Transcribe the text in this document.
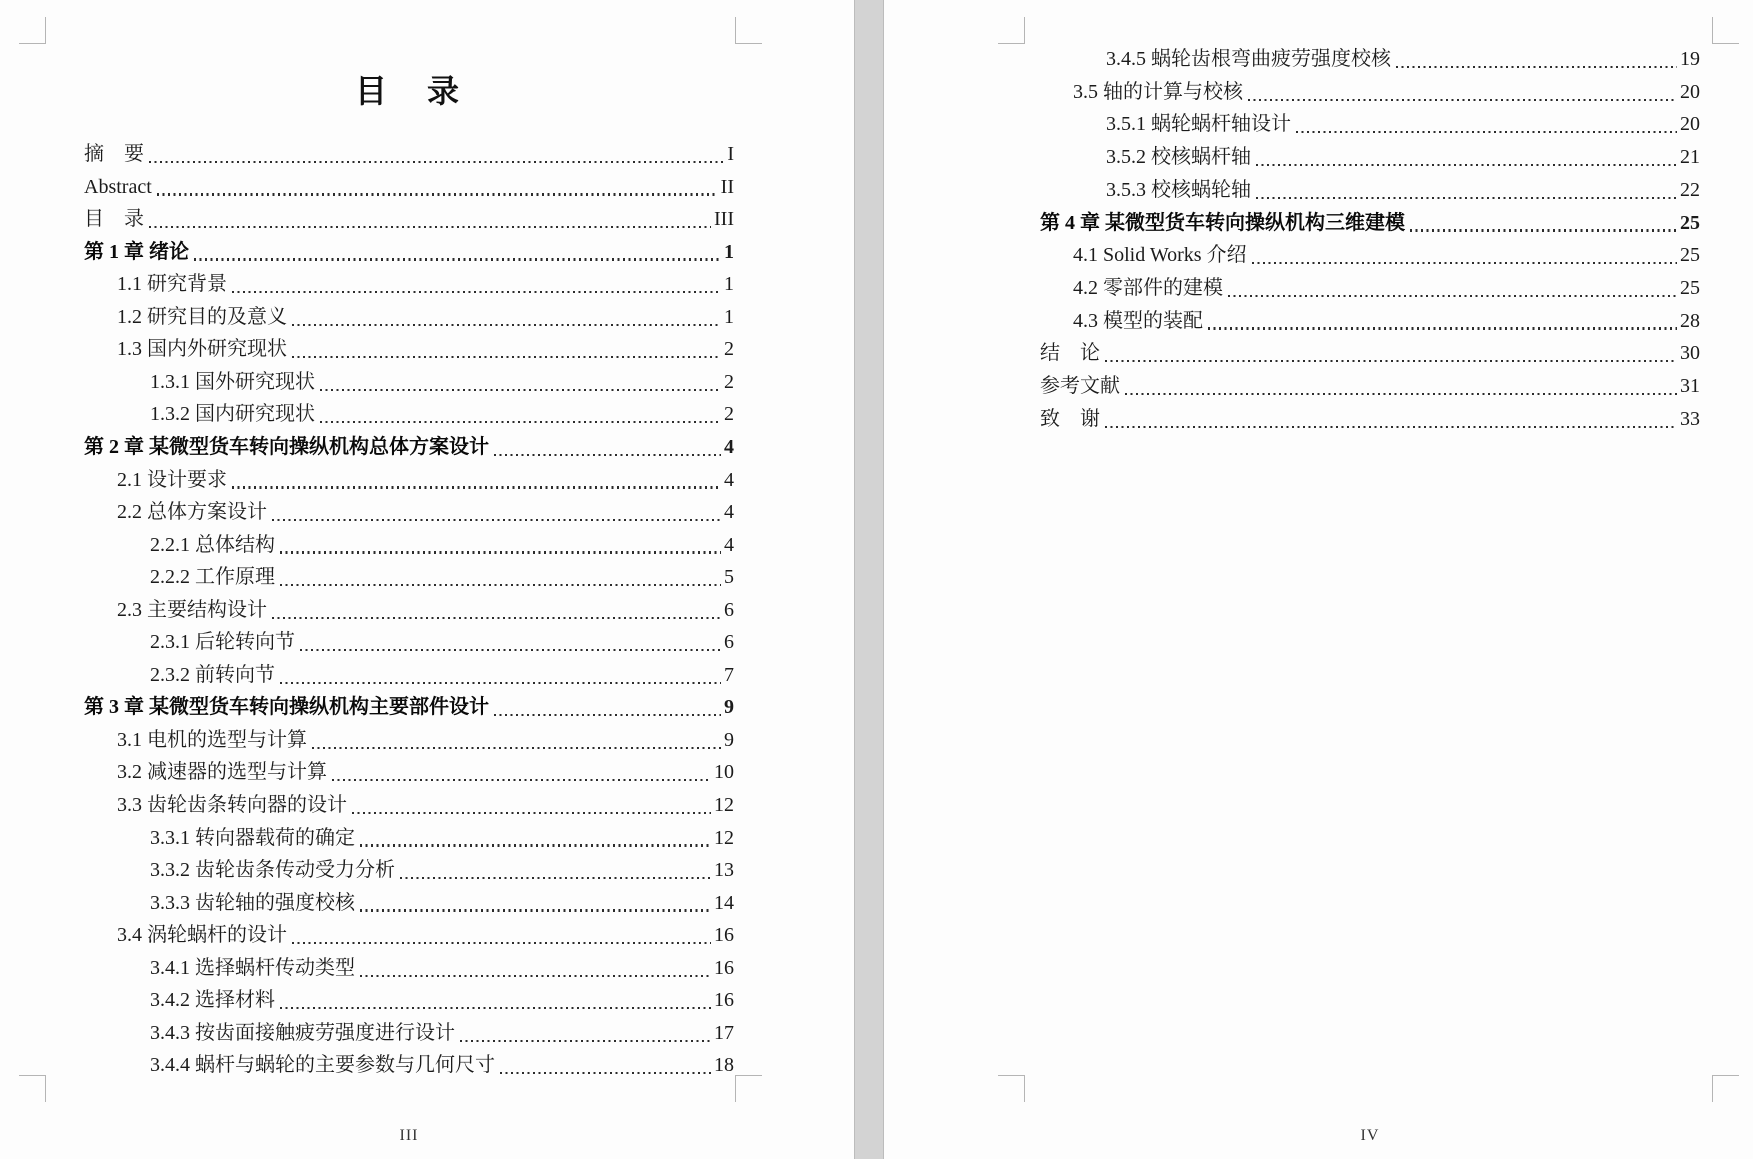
目　录
摘　要	I
Abstract	II
目　录	III
第 1 章 绪论	1
1.1 研究背景	1
1.2 研究目的及意义	1
1.3 国内外研究现状	2
1.3.1 国外研究现状	2
1.3.2 国内研究现状	2
第 2 章 某微型货车转向操纵机构总体方案设计	4
2.1 设计要求	4
2.2 总体方案设计	4
2.2.1 总体结构	4
2.2.2 工作原理	5
2.3 主要结构设计	6
2.3.1 后轮转向节	6
2.3.2 前转向节	7
第 3 章 某微型货车转向操纵机构主要部件设计	9
3.1 电机的选型与计算	9
3.2 减速器的选型与计算	10
3.3 齿轮齿条转向器的设计	12
3.3.1 转向器载荷的确定	12
3.3.2 齿轮齿条传动受力分析	13
3.3.3 齿轮轴的强度校核	14
3.4 涡轮蜗杆的设计	16
3.4.1 选择蜗杆传动类型	16
3.4.2 选择材料	16
3.4.3 按齿面接触疲劳强度进行设计	17
3.4.4 蜗杆与蜗轮的主要参数与几何尺寸	18
III
3.4.5 蜗轮齿根弯曲疲劳强度校核	19
3.5 轴的计算与校核	20
3.5.1 蜗轮蜗杆轴设计	20
3.5.2 校核蜗杆轴	21
3.5.3 校核蜗轮轴	22
第 4 章 某微型货车转向操纵机构三维建模	25
4.1 Solid Works 介绍	25
4.2 零部件的建模	25
4.3 模型的装配	28
结　论	30
参考文献	31
致　谢	33
IV
